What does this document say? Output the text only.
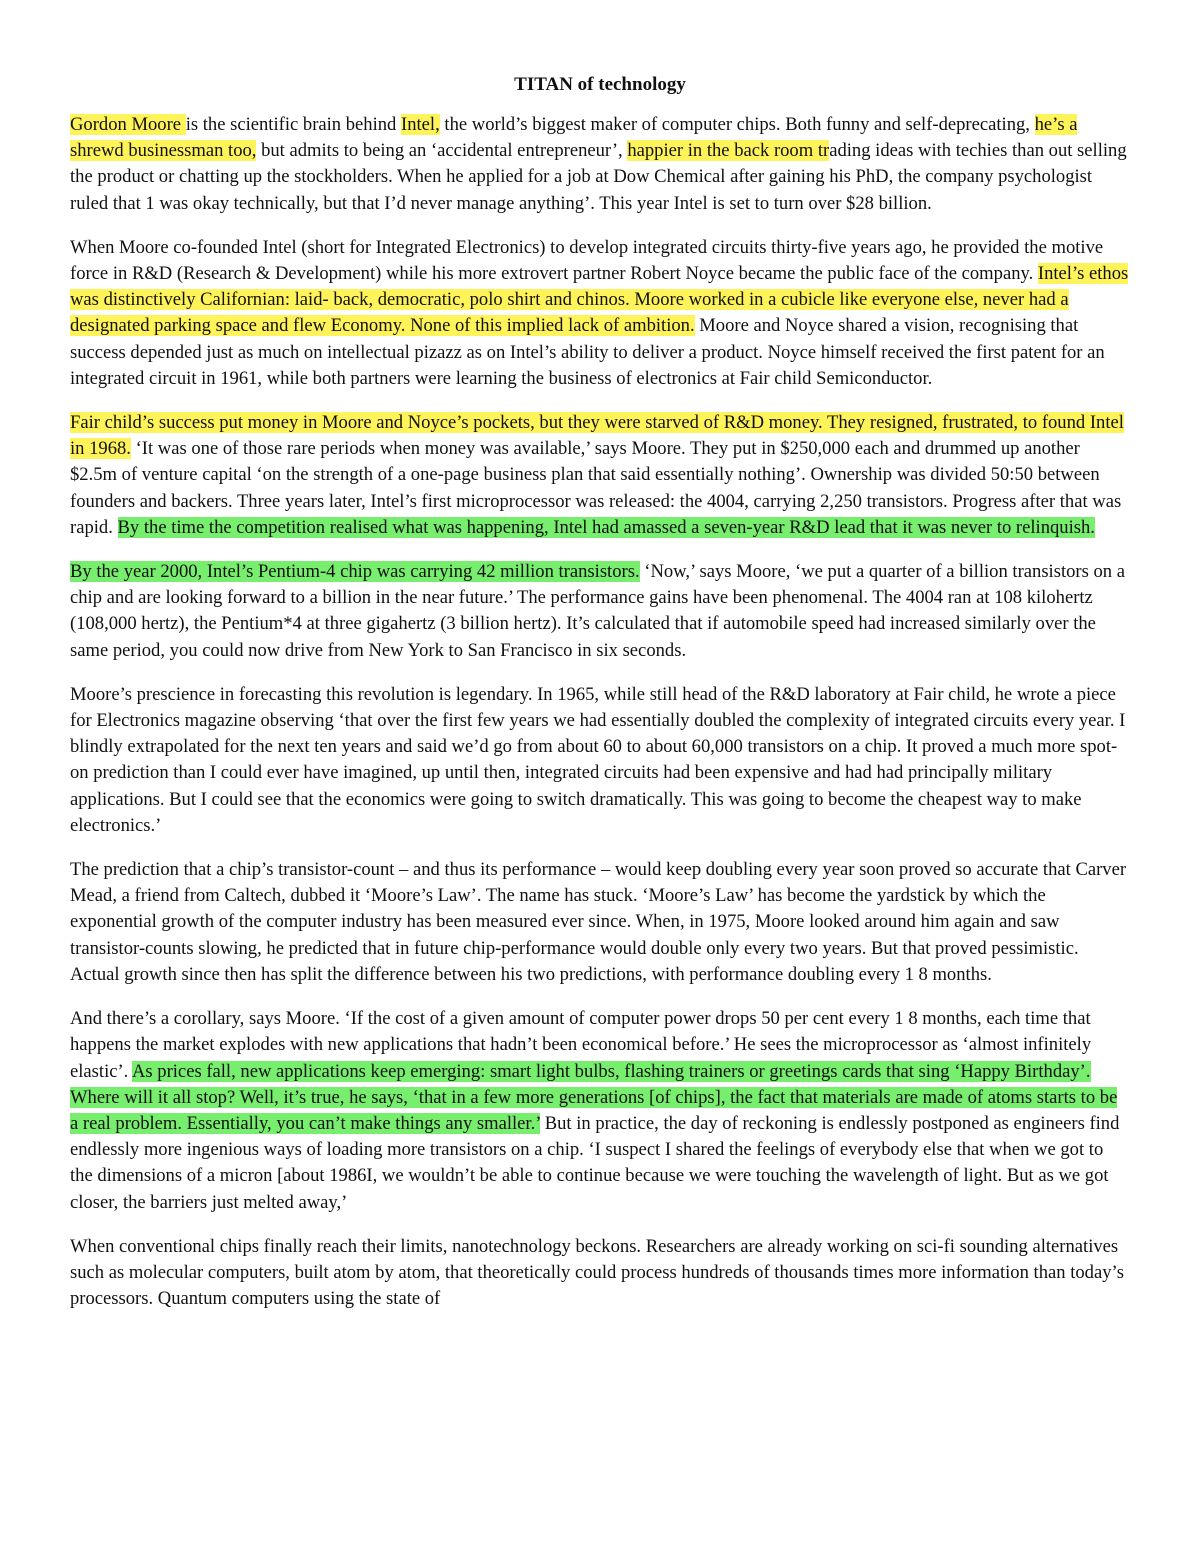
TITAN of technology

Gordon Moore is the scientific brain behind Intel, the world’s biggest maker of computer chips. Both funny and self-deprecating, he’s a shrewd businessman too, but admits to being an ‘accidental entrepreneur’, happier in the back room trading ideas with techies than out selling the product or chatting up the stockholders. When he applied for a job at Dow Chemical after gaining his PhD, the company psychologist ruled that 1 was okay technically, but that I’d never manage anything’. This year Intel is set to turn over $28 billion.

When Moore co-founded Intel (short for Integrated Electronics) to develop integrated circuits thirty-five years ago, he provided the motive force in R&D (Research & Development) while his more extrovert partner Robert Noyce became the public face of the company. Intel’s ethos was distinctively Californian: laid- back, democratic, polo shirt and chinos. Moore worked in a cubicle like everyone else, never had a designated parking space and flew Economy. None of this implied lack of ambition. Moore and Noyce shared a vision, recognising that success depended just as much on intellectual pizazz as on Intel’s ability to deliver a product. Noyce himself received the first patent for an integrated circuit in 1961, while both partners were learning the business of electronics at Fair child Semiconductor.

Fair child’s success put money in Moore and Noyce’s pockets, but they were starved of R&D money. They resigned, frustrated, to found Intel in 1968. ‘It was one of those rare periods when money was available,’ says Moore. They put in $250,000 each and drummed up another $2.5m of venture capital ‘on the strength of a one-page business plan that said essentially nothing’. Ownership was divided 50:50 between founders and backers. Three years later, Intel’s first microprocessor was released: the 4004, carrying 2,250 transistors. Progress after that was rapid. By the time the competition realised what was happening, Intel had amassed a seven-year R&D lead that it was never to relinquish.

By the year 2000, Intel’s Pentium-4 chip was carrying 42 million transistors. ‘Now,’ says Moore, ‘we put a quarter of a billion transistors on a chip and are looking forward to a billion in the near future.’ The performance gains have been phenomenal. The 4004 ran at 108 kilohertz (108,000 hertz), the Pentium*4 at three gigahertz (3 billion hertz). It’s calculated that if automobile speed had increased similarly over the same period, you could now drive from New York to San Francisco in six seconds.

Moore’s prescience in forecasting this revolution is legendary. In 1965, while still head of the R&D laboratory at Fair child, he wrote a piece for Electronics magazine observing ‘that over the first few years we had essentially doubled the complexity of integrated circuits every year. I blindly extrapolated for the next ten years and said we’d go from about 60 to about 60,000 transistors on a chip. It proved a much more spot-on prediction than I could ever have imagined, up until then, integrated circuits had been expensive and had had principally military applications. But I could see that the economics were going to switch dramatically. This was going to become the cheapest way to make electronics.’

The prediction that a chip’s transistor-count – and thus its performance – would keep doubling every year soon proved so accurate that Carver Mead, a friend from Caltech, dubbed it ‘Moore’s Law’. The name has stuck. ‘Moore’s Law’ has become the yardstick by which the exponential growth of the computer industry has been measured ever since. When, in 1975, Moore looked around him again and saw transistor-counts slowing, he predicted that in future chip-performance would double only every two years. But that proved pessimistic. Actual growth since then has split the difference between his two predictions, with performance doubling every 1 8 months.

And there’s a corollary, says Moore. ‘If the cost of a given amount of computer power drops 50 per cent every 1 8 months, each time that happens the market explodes with new applications that hadn’t been economical before.’ He sees the microprocessor as ‘almost infinitely elastic’. As prices fall, new applications keep emerging: smart light bulbs, flashing trainers or greetings cards that sing ‘Happy Birthday’. Where will it all stop? Well, it’s true, he says, ‘that in a few more generations [of chips], the fact that materials are made of atoms starts to be a real problem. Essentially, you can’t make things any smaller.’ But in practice, the day of reckoning is endlessly postponed as engineers find endlessly more ingenious ways of loading more transistors on a chip. ‘I suspect I shared the feelings of everybody else that when we got to the dimensions of a micron [about 1986I, we wouldn’t be able to continue because we were touching the wavelength of light. But as we got closer, the barriers just melted away,’

When conventional chips finally reach their limits, nanotechnology beckons. Researchers are already working on sci-fi sounding alternatives such as molecular computers, built atom by atom, that theoretically could process hundreds of thousands times more information than today’s processors. Quantum computers using the state of
